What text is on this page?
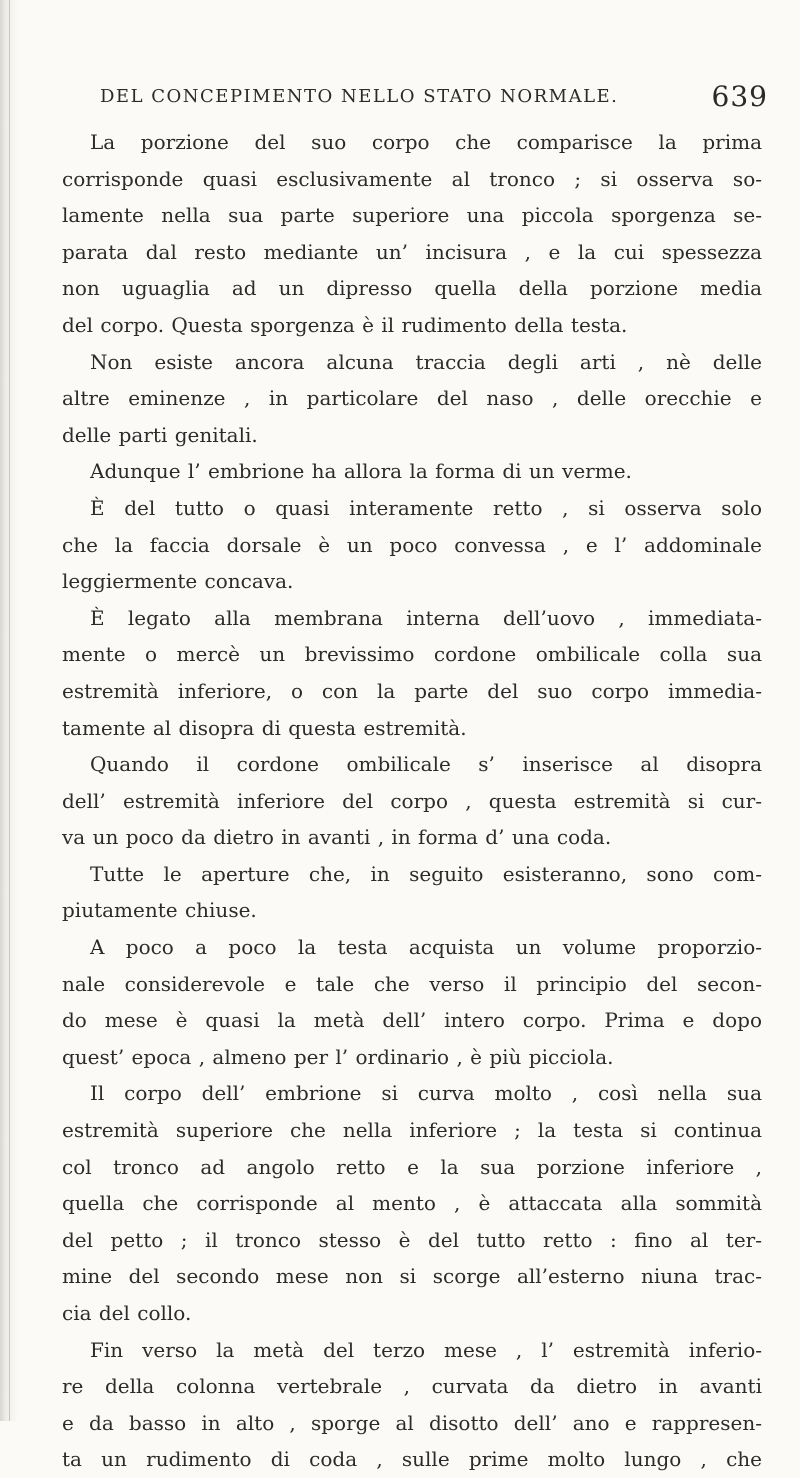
DEL CONCEPIMENTO NELLO STATO NORMALE.	639
La porzione del suo corpo che comparisce la prima
corrisponde quasi esclusivamente al tronco ; si osserva so-
lamente nella sua parte superiore una piccola sporgenza se-
parata dal resto mediante un’ incisura , e la cui spessezza
non uguaglia ad un dipresso quella della porzione media
del corpo. Questa sporgenza è il rudimento della testa.
Non esiste ancora alcuna traccia degli arti , nè delle
altre eminenze , in particolare del naso , delle orecchie e
delle parti genitali.
Adunque l’ embrione ha allora la forma di un verme.
È del tutto o quasi interamente retto , si osserva solo
che la faccia dorsale è un poco convessa , e l’ addominale
leggiermente concava.
È legato alla membrana interna dell’uovo , immediata-
mente o mercè un brevissimo cordone ombilicale colla sua
estremità inferiore, o con la parte del suo corpo immedia-
tamente al disopra di questa estremità.
Quando il cordone ombilicale s’ inserisce al disopra
dell’ estremità inferiore del corpo , questa estremità si cur-
va un poco da dietro in avanti , in forma d’ una coda.
Tutte le aperture che, in seguito esisteranno, sono com-
piutamente chiuse.
A poco a poco la testa acquista un volume proporzio-
nale considerevole e tale che verso il principio del secon-
do mese è quasi la metà dell’ intero corpo. Prima e dopo
quest’ epoca , almeno per l’ ordinario , è più picciola.
Il corpo dell’ embrione si curva molto , così nella sua
estremità superiore che nella inferiore ; la testa si continua
col tronco ad angolo retto e la sua porzione inferiore ,
quella che corrisponde al mento , è attaccata alla sommità
del petto ; il tronco stesso è del tutto retto : fino al ter-
mine del secondo mese non si scorge all’esterno niuna trac-
cia del collo.
Fin verso la metà del terzo mese , l’ estremità inferio-
re della colonna vertebrale , curvata da dietro in avanti
e da basso in alto , sporge al disotto dell’ ano e rappresen-
ta un rudimento di coda , sulle prime molto lungo , che
